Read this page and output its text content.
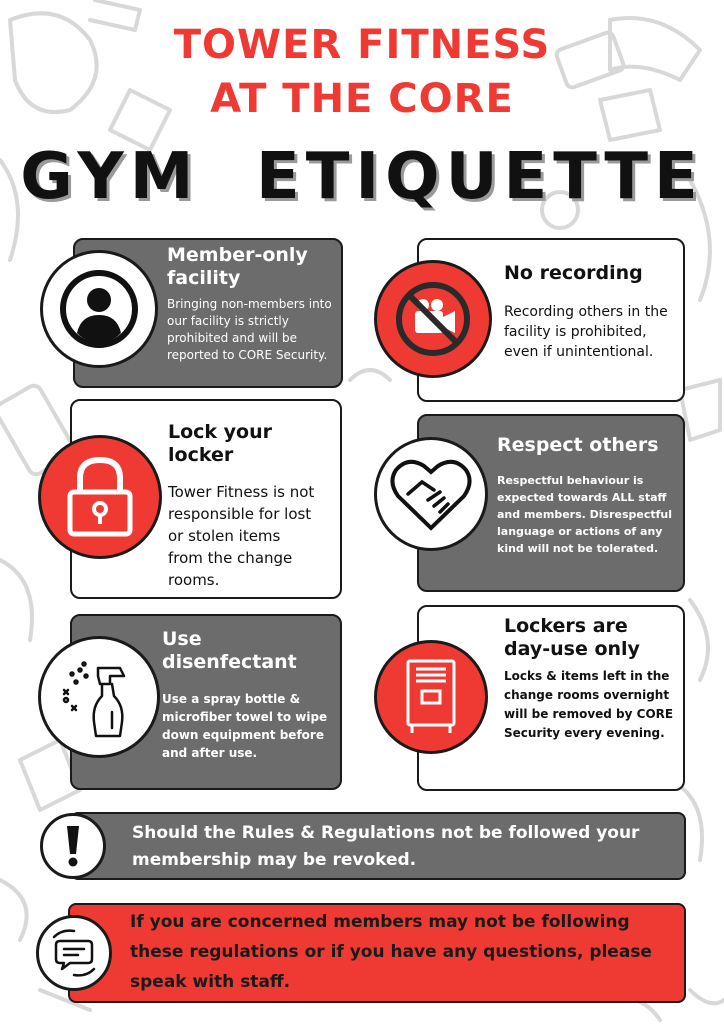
TOWER FITNESS
AT THE CORE
GYM  ETIQUETTE
Member-only facility
Bringing non-members into our facility is strictly prohibited and will be reported to CORE Security.
No recording
Recording others in the facility is prohibited, even if unintentional.
Lock your locker
Tower Fitness is not responsible for lost or stolen items from the change rooms.
Respect others
Respectful behaviour is expected towards ALL staff and members. Disrespectful language or actions of any kind will not be tolerated.
Use disenfectant
Use a spray bottle & microfiber towel to wipe down equipment before and after use.
Lockers are day-use only
Locks & items left in the change rooms overnight will be removed by CORE Security every evening.
Should the Rules & Regulations not be followed your membership may be revoked.
If you are concerned members may not be following these regulations or if you have any questions, please speak with staff.
